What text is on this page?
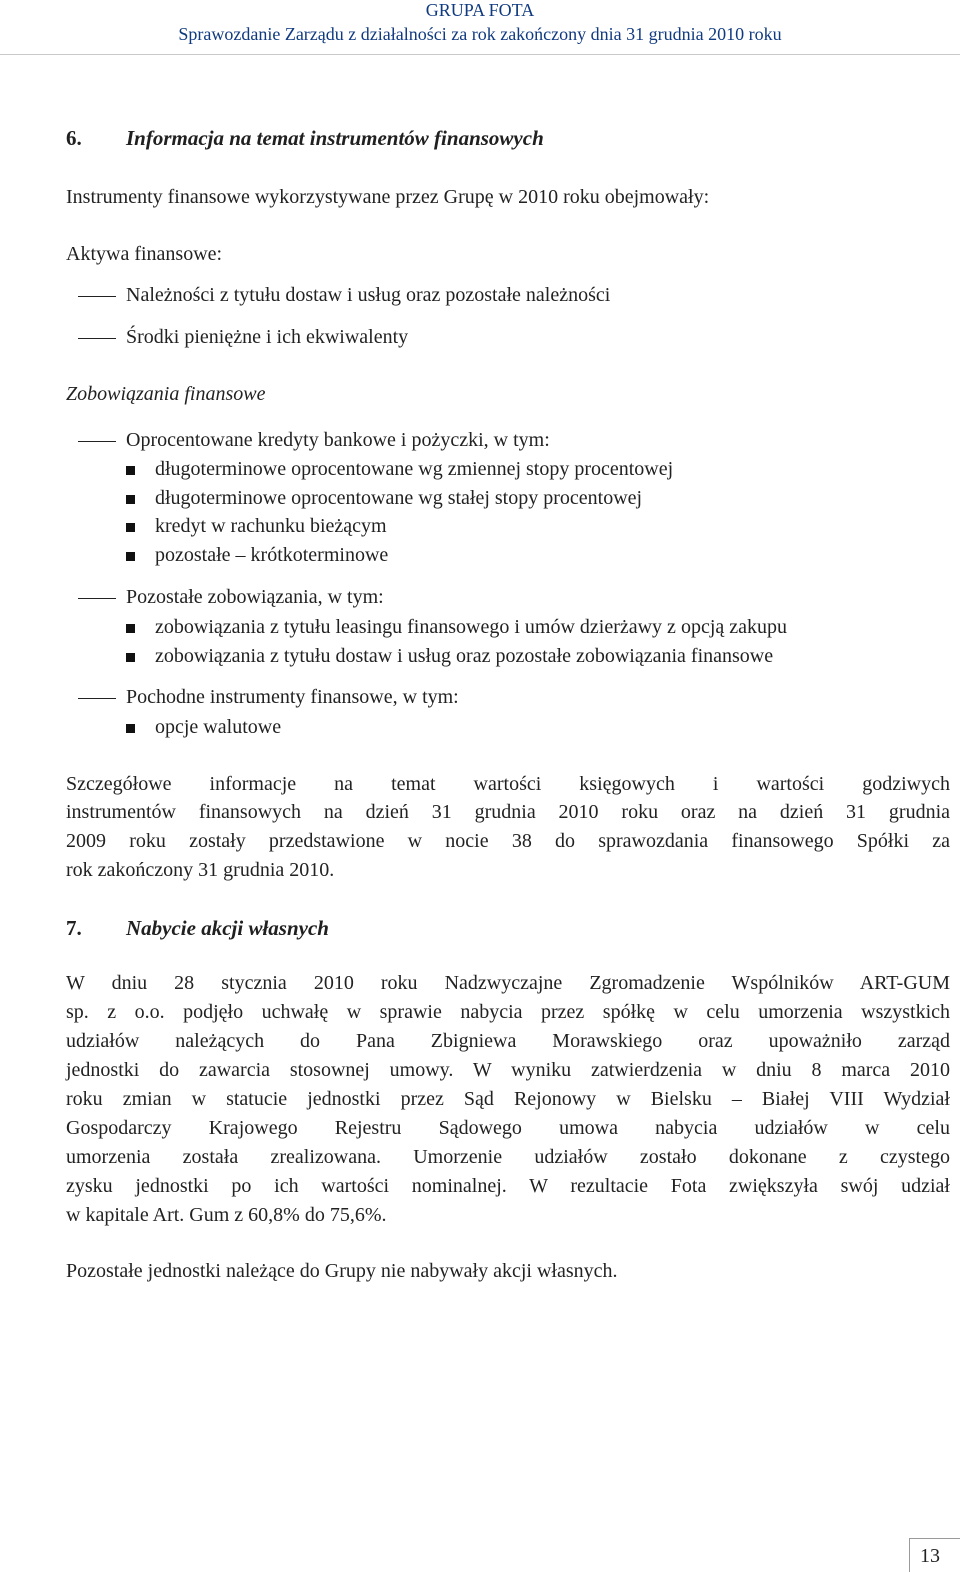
GRUPA FOTA
Sprawozdanie Zarządu z działalności za rok zakończony dnia 31 grudnia 2010 roku
6. Informacja na temat instrumentów finansowych
Instrumenty finansowe wykorzystywane przez Grupę w 2010 roku obejmowały:
Aktywa finansowe:
Należności z tytułu dostaw i usług oraz pozostałe należności
Środki pieniężne i ich ekwiwalenty
Zobowiązania finansowe
Oprocentowane kredyty bankowe i pożyczki, w tym:
długoterminowe oprocentowane wg zmiennej stopy procentowej
długoterminowe oprocentowane wg stałej stopy procentowej
kredyt w rachunku bieżącym
pozostałe – krótkoterminowe
Pozostałe zobowiązania, w tym:
zobowiązania z tytułu leasingu finansowego i umów dzierżawy z opcją zakupu
zobowiązania z tytułu dostaw i usług oraz pozostałe zobowiązania finansowe
Pochodne instrumenty finansowe, w tym:
opcje walutowe
Szczegółowe informacje na temat wartości księgowych i wartości godziwych
instrumentów finansowych na dzień 31 grudnia 2010 roku oraz na dzień 31 grudnia
2009 roku zostały przedstawione w nocie 38 do sprawozdania finansowego Spółki za
rok zakończony 31 grudnia 2010.
7. Nabycie akcji własnych
W dniu 28 stycznia 2010 roku Nadzwyczajne Zgromadzenie Wspólników ART-GUM
sp. z o.o. podjęło uchwałę w sprawie nabycia przez spółkę w celu umorzenia wszystkich
udziałów należących do Pana Zbigniewa Morawskiego oraz upoważniło zarząd
jednostki do zawarcia stosownej umowy. W wyniku zatwierdzenia w dniu 8 marca 2010
roku zmian w statucie jednostki przez Sąd Rejonowy w Bielsku – Białej VIII Wydział
Gospodarczy Krajowego Rejestru Sądowego umowa nabycia udziałów w celu
umorzenia została zrealizowana. Umorzenie udziałów zostało dokonane z czystego
zysku jednostki po ich wartości nominalnej. W rezultacie Fota zwiększyła swój udział
w kapitale Art. Gum z 60,8% do 75,6%.
Pozostałe jednostki należące do Grupy nie nabywały akcji własnych.
13
